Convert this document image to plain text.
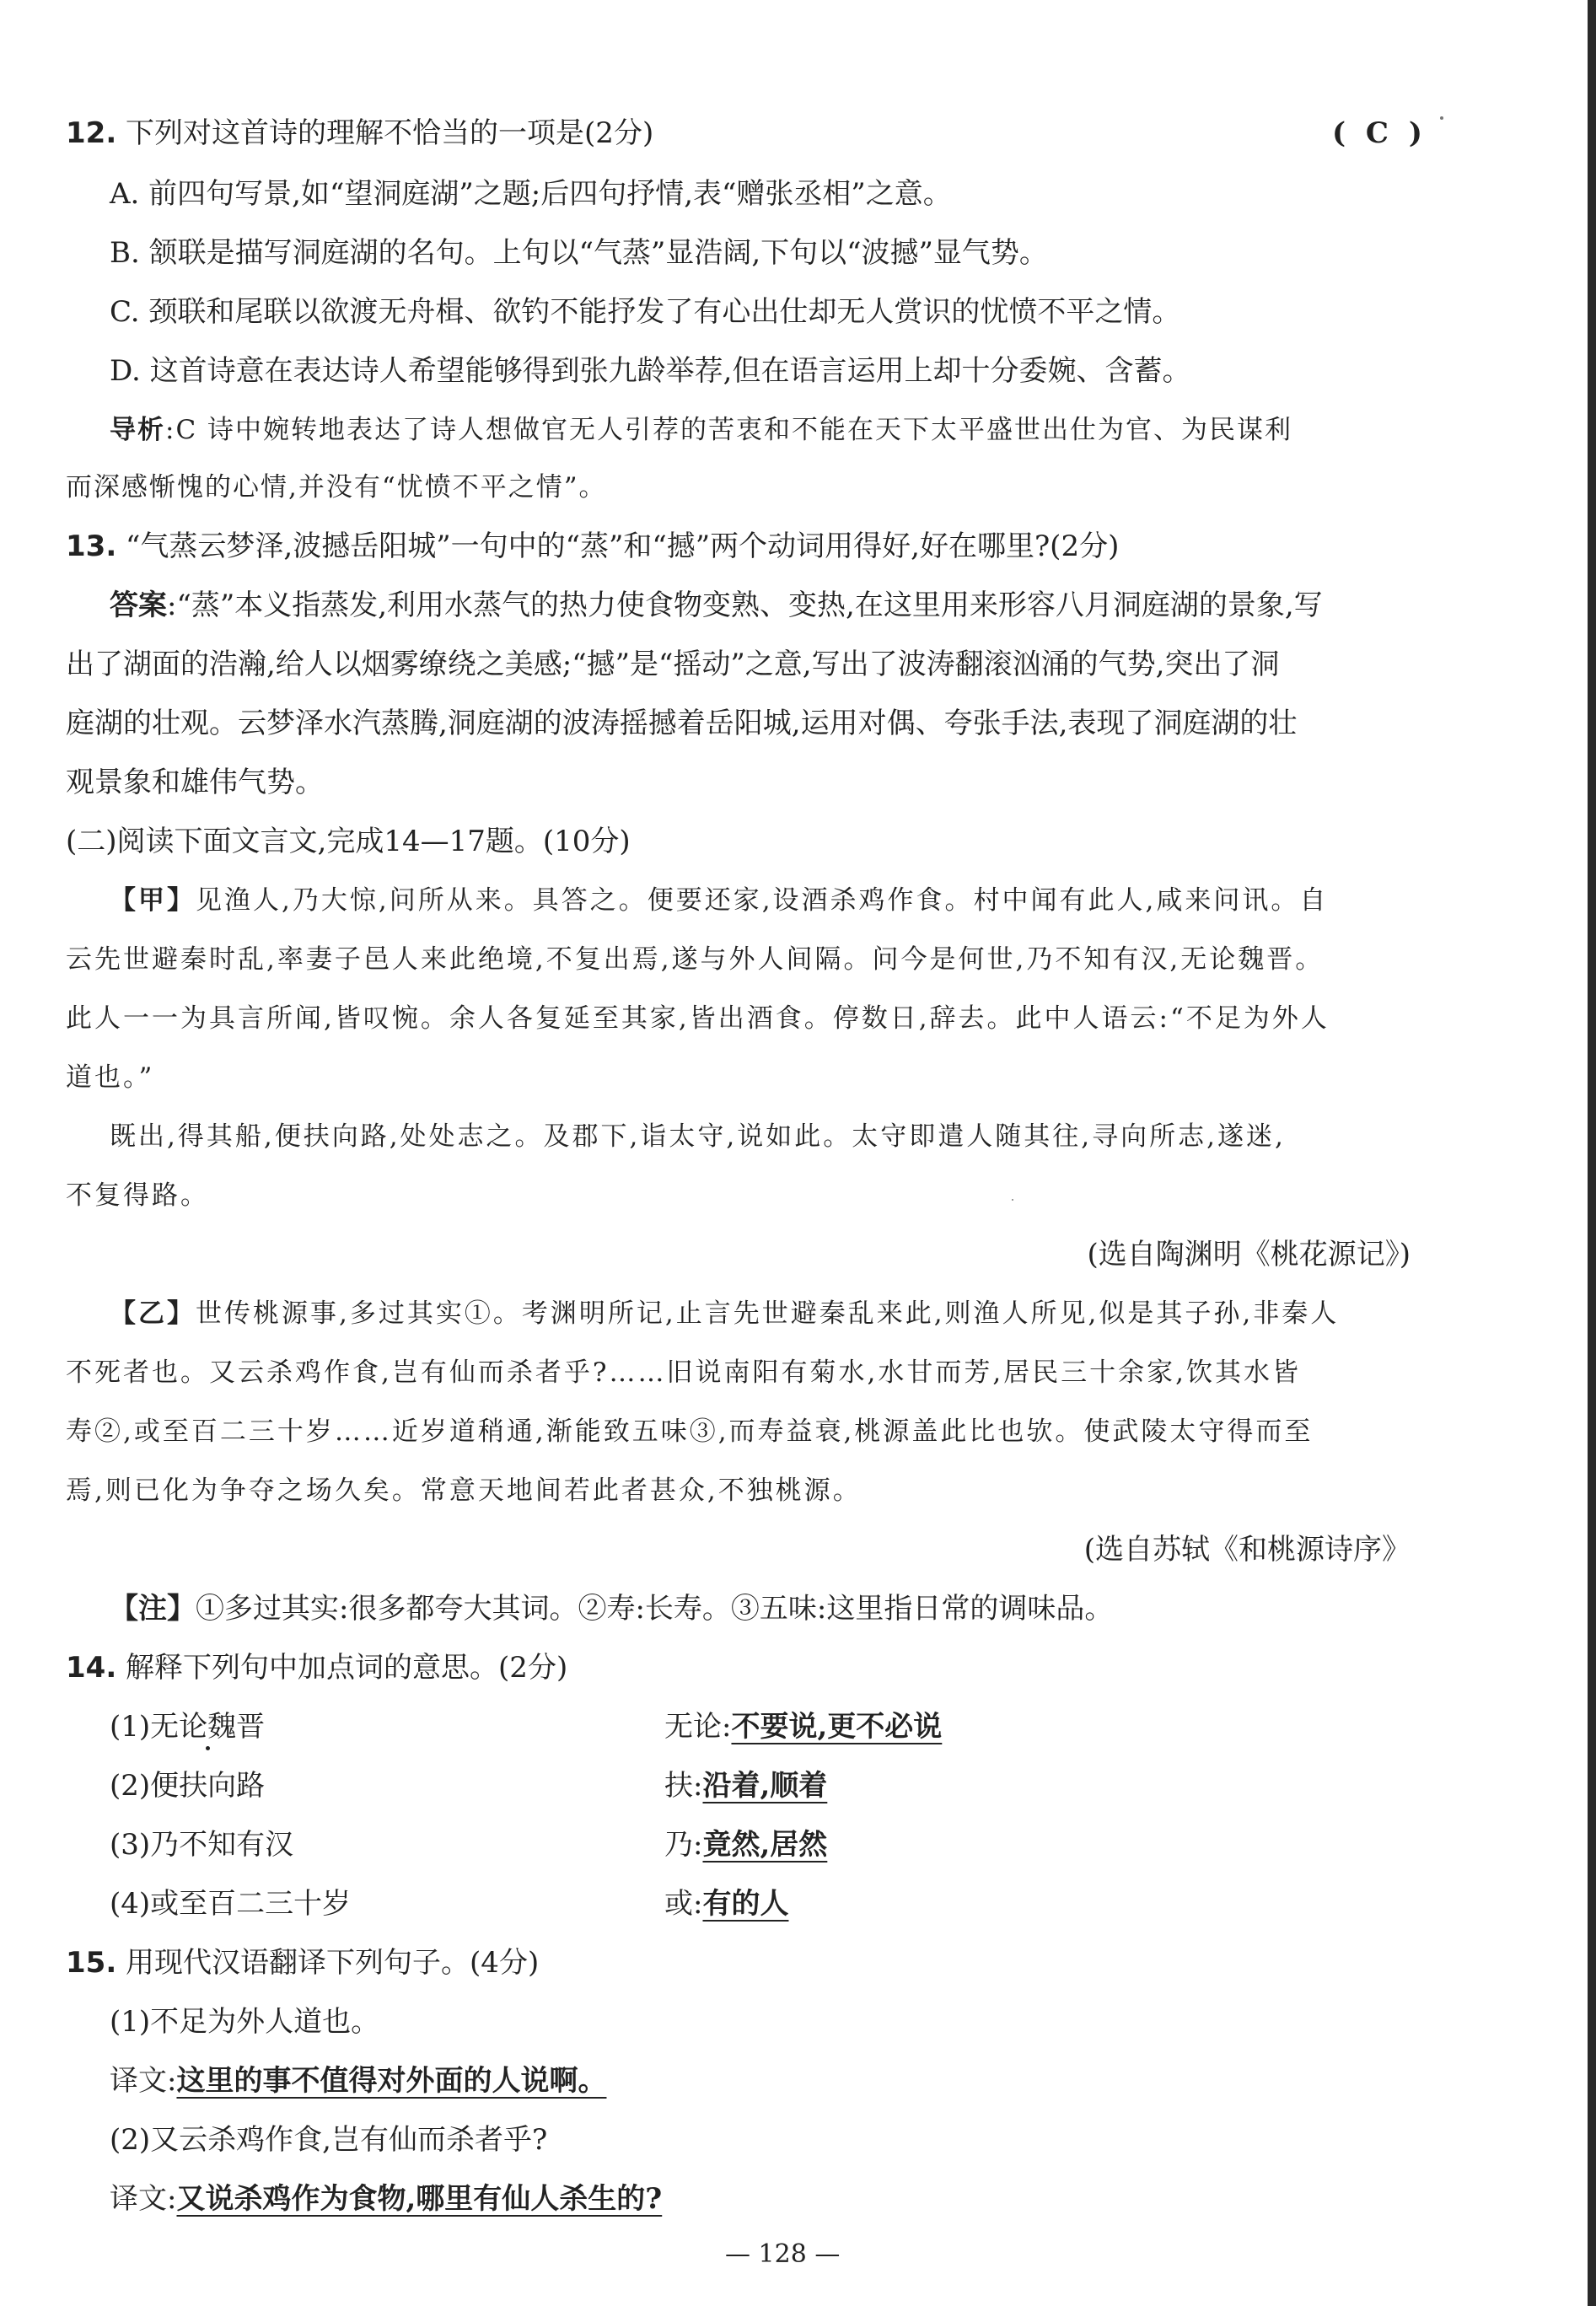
12. 下列对这首诗的理解不恰当的一项是(2分)	( C )
A. 前四句写景,如“望洞庭湖”之题;后四句抒情,表“赠张丞相”之意。
B. 颔联是描写洞庭湖的名句。上句以“气蒸”显浩阔,下句以“波撼”显气势。
C. 颈联和尾联以欲渡无舟楫、欲钓不能抒发了有心出仕却无人赏识的忧愤不平之情。
D. 这首诗意在表达诗人希望能够得到张九龄举荐,但在语言运用上却十分委婉、含蓄。
导析:C 诗中婉转地表达了诗人想做官无人引荐的苦衷和不能在天下太平盛世出仕为官、为民谋利
而深感惭愧的心情,并没有“忧愤不平之情”。
13. “气蒸云梦泽,波撼岳阳城”一句中的“蒸”和“撼”两个动词用得好,好在哪里?(2分)
答案:“蒸”本义指蒸发,利用水蒸气的热力使食物变熟、变热,在这里用来形容八月洞庭湖的景象,写
出了湖面的浩瀚,给人以烟雾缭绕之美感;“撼”是“摇动”之意,写出了波涛翻滚汹涌的气势,突出了洞
庭湖的壮观。云梦泽水汽蒸腾,洞庭湖的波涛摇撼着岳阳城,运用对偶、夸张手法,表现了洞庭湖的壮
观景象和雄伟气势。
(二)阅读下面文言文,完成14—17题。(10分)
【甲】见渔人,乃大惊,问所从来。具答之。便要还家,设酒杀鸡作食。村中闻有此人,咸来问讯。自
云先世避秦时乱,率妻子邑人来此绝境,不复出焉,遂与外人间隔。问今是何世,乃不知有汉,无论魏晋。
此人一一为具言所闻,皆叹惋。余人各复延至其家,皆出酒食。停数日,辞去。此中人语云:“不足为外人
道也。”
既出,得其船,便扶向路,处处志之。及郡下,诣太守,说如此。太守即遣人随其往,寻向所志,遂迷,
不复得路。
(选自陶渊明《桃花源记》)
【乙】世传桃源事,多过其实①。考渊明所记,止言先世避秦乱来此,则渔人所见,似是其子孙,非秦人
不死者也。又云杀鸡作食,岂有仙而杀者乎?……旧说南阳有菊水,水甘而芳,居民三十余家,饮其水皆
寿②,或至百二三十岁……近岁道稍通,渐能致五味③,而寿益衰,桃源盖此比也欤。使武陵太守得而至
焉,则已化为争夺之场久矣。常意天地间若此者甚众,不独桃源。
(选自苏轼《和桃源诗序》
【注】①多过其实:很多都夸大其词。②寿:长寿。③五味:这里指日常的调味品。
14. 解释下列句中加点词的意思。(2分)
(1)无论魏晋	无论:不要说,更不必说
(2)便扶向路	扶:沿着,顺着
(3)乃不知有汉	乃:竟然,居然
(4)或至百二三十岁	或:有的人
15. 用现代汉语翻译下列句子。(4分)
(1)不足为外人道也。
译文:这里的事不值得对外面的人说啊。
(2)又云杀鸡作食,岂有仙而杀者乎?
译文:又说杀鸡作为食物,哪里有仙人杀生的?
— 128 —
